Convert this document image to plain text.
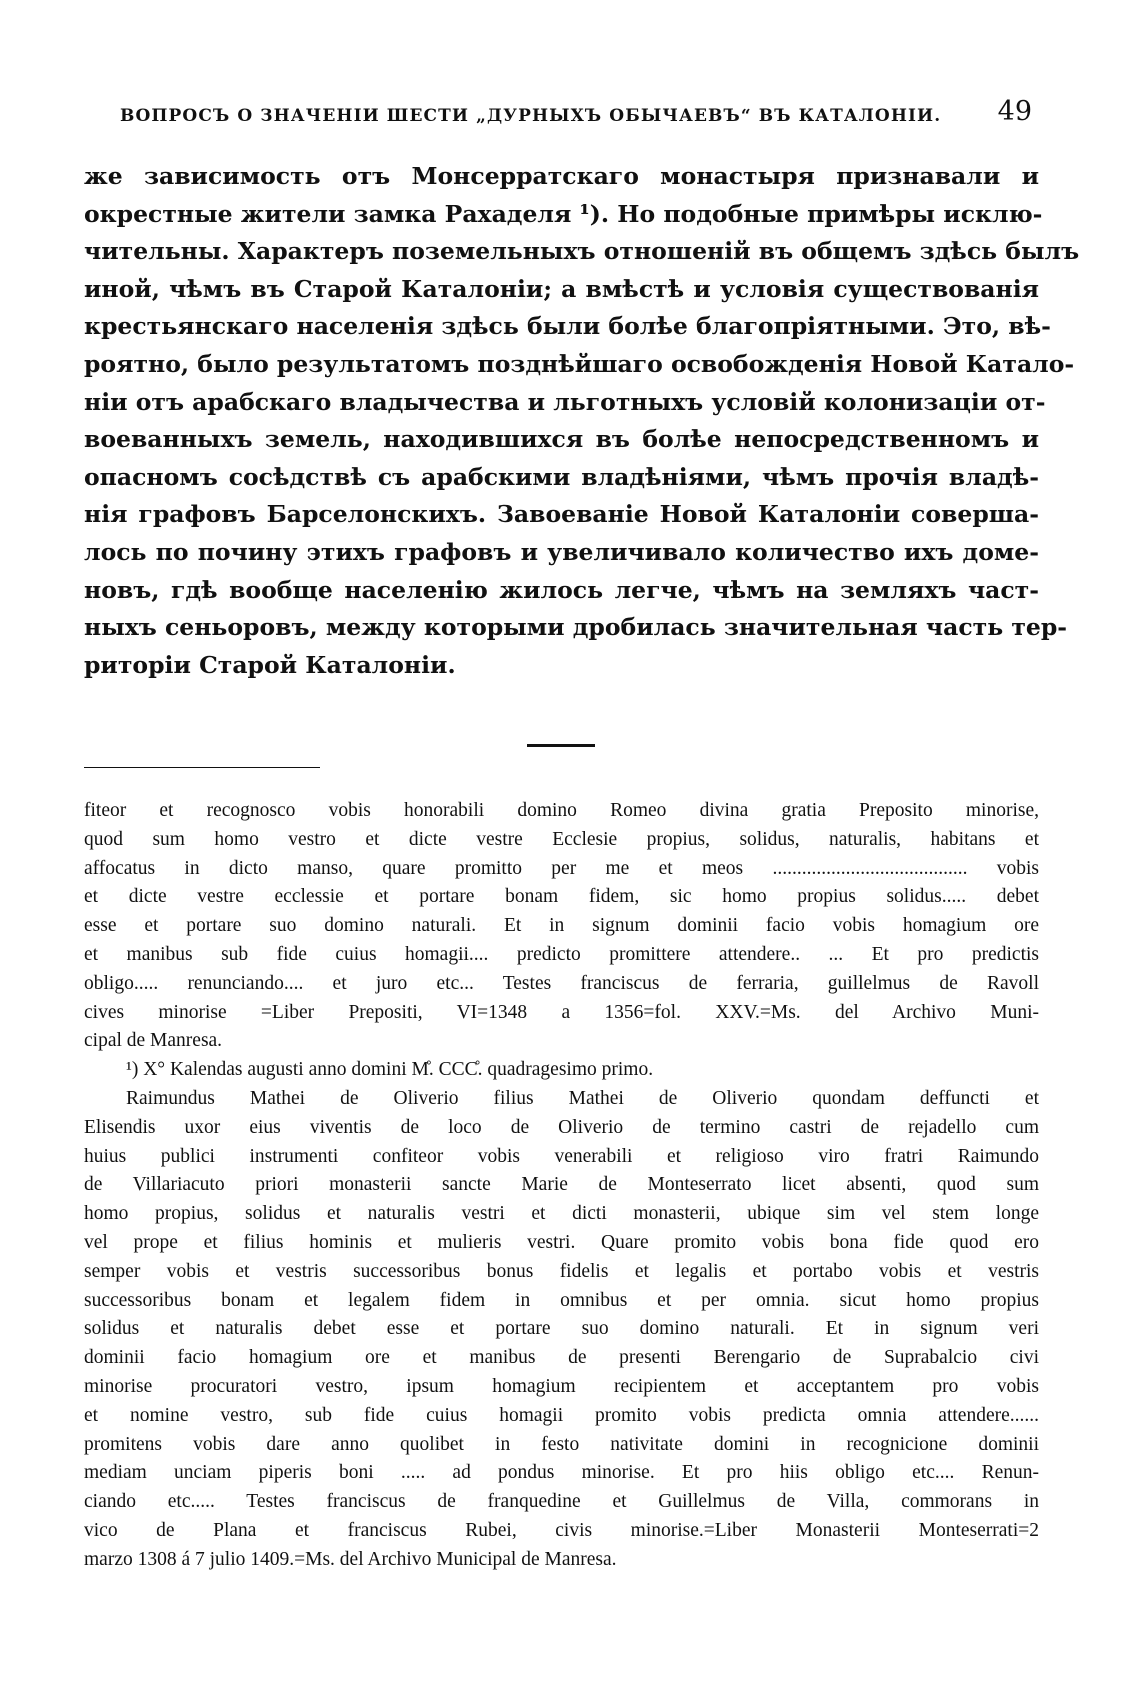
ВОПРОСЪ О ЗНАЧЕНІИ ШЕСТИ „ДУРНЫХЪ ОБЫЧАЕВЪ“ ВЪ КАТАЛОНІИ. 49
же зависимость отъ Монсерратскаго монастыря признавали и
окрестные жители замка Рахаделя ¹). Но подобные примѣры исклю-
чительны. Характеръ поземельныхъ отношеній въ общемъ здѣсь былъ
иной, чѣмъ въ Старой Каталоніи; а вмѣстѣ и условія существованія
крестьянскаго населенія здѣсь были болѣе благопріятными. Это, вѣ-
роятно, было результатомъ позднѣйшаго освобожденія Новой Катало-
ніи отъ арабскаго владычества и льготныхъ условій колонизаціи от-
воеванныхъ земель, находившихся въ болѣе непосредственномъ и
опасномъ сосѣдствѣ съ арабскими владѣніями, чѣмъ прочія владѣ-
нія графовъ Барселонскихъ. Завоеваніе Новой Каталоніи соверша-
лось по почину этихъ графовъ и увеличивало количество ихъ доме-
новъ, гдѣ вообще населенію жилось легче, чѣмъ на земляхъ част-
ныхъ сеньоровъ, между которыми дробилась значительная часть тер-
риторіи Старой Каталоніи.
fiteor et recognosco vobis honorabili domino Romeo divina gratia Preposito minorise,
quod sum homo vestro et dicte vestre Ecclesie propius, solidus, naturalis, habitans et
affocatus in dicto manso, quare promitto per me et meos ........................................ vobis
et dicte vestre ecclessie et portare bonam fidem, sic homo propius solidus..... debet
esse et portare suo domino naturali. Et in signum dominii facio vobis homagium ore
et manibus sub fide cuius homagii.... predicto promittere attendere.. ... Et pro predictis
obligo..... renunciando.... et juro etc... Testes franciscus de ferraria, guillelmus de Ravoll
cives minorise =Liber Prepositi, VI=1348 a 1356=fol. XXV.=Ms. del Archivo Muni-
cipal de Manresa.
¹) X° Kalendas augusti anno domini M̊. CCC̊. quadragesimo primo.
Raimundus Mathei de Oliverio filius Mathei de Oliverio quondam deffuncti et
Elisendis uxor eius viventis de loco de Oliverio de termino castri de rejadello cum
huius publici instrumenti confiteor vobis venerabili et religioso viro fratri Raimundo
de Villariacuto priori monasterii sancte Marie de Monteserrato licet absenti, quod sum
homo propius, solidus et naturalis vestri et dicti monasterii, ubique sim vel stem longe
vel prope et filius hominis et mulieris vestri. Quare promito vobis bona fide quod ero
semper vobis et vestris successoribus bonus fidelis et legalis et portabo vobis et vestris
successoribus bonam et legalem fidem in omnibus et per omnia. sicut homo propius
solidus et naturalis debet esse et portare suo domino naturali. Et in signum veri
dominii facio homagium ore et manibus de presenti Berengario de Suprabalcio civi
minorise procuratori vestro, ipsum homagium recipientem et acceptantem pro vobis
et nomine vestro, sub fide cuius homagii promito vobis predicta omnia attendere......
promitens vobis dare anno quolibet in festo nativitate domini in recognicione dominii
mediam unciam piperis boni ..... ad pondus minorise. Et pro hiis obligo etc.... Renun-
ciando etc..... Testes franciscus de franquedine et Guillelmus de Villa, commorans in
vico de Plana et franciscus Rubei, civis minorise.=Liber Monasterii Monteserrati=2
marzo 1308 á 7 julio 1409.=Ms. del Archivo Municipal de Manresa.
